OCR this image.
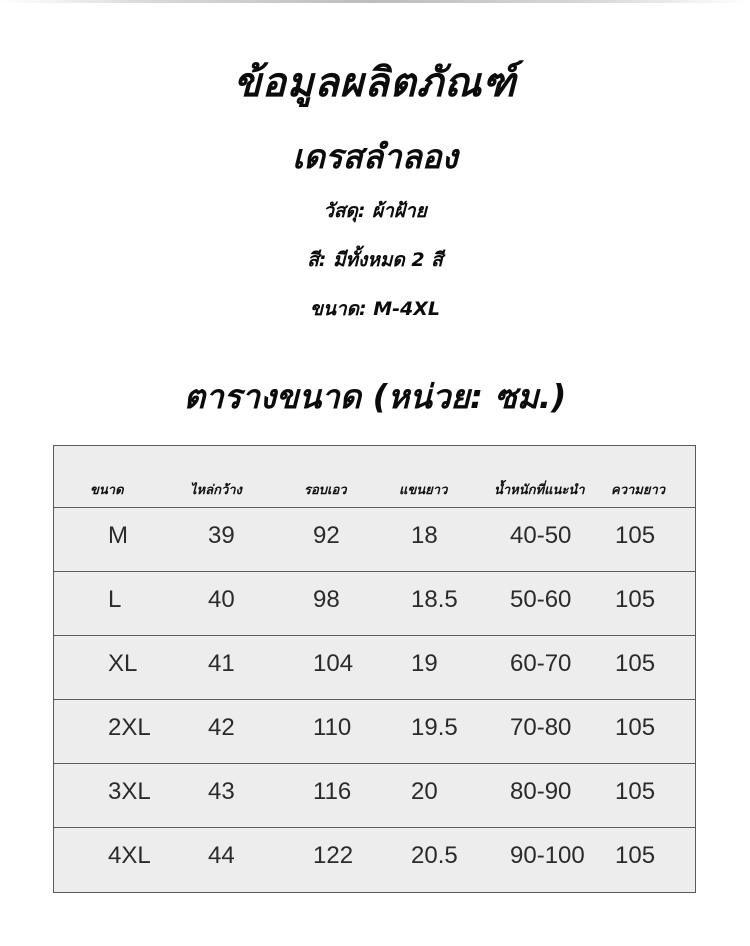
ข้อมูลผลิตภัณฑ์
เดรสลำลอง
วัสดุ: ผ้าฝ้าย
สี: มีทั้งหมด 2 สี
ขนาด: M-4XL
ตารางขนาด (หน่วย: ซม.)
ขนาด	ไหล่กว้าง	รอบเอว	แขนยาว	น้ำหนักที่แนะนำ ความยาว
M	39	92	18	40-50 105
L	40	98	18.5 50-60 105
XL	41	104 19	60-70 105
2XL 42	110 19.5 70-80 105
3XL 43	116 20	80-90 105
4XL 44	122 20.5 90-100 105
